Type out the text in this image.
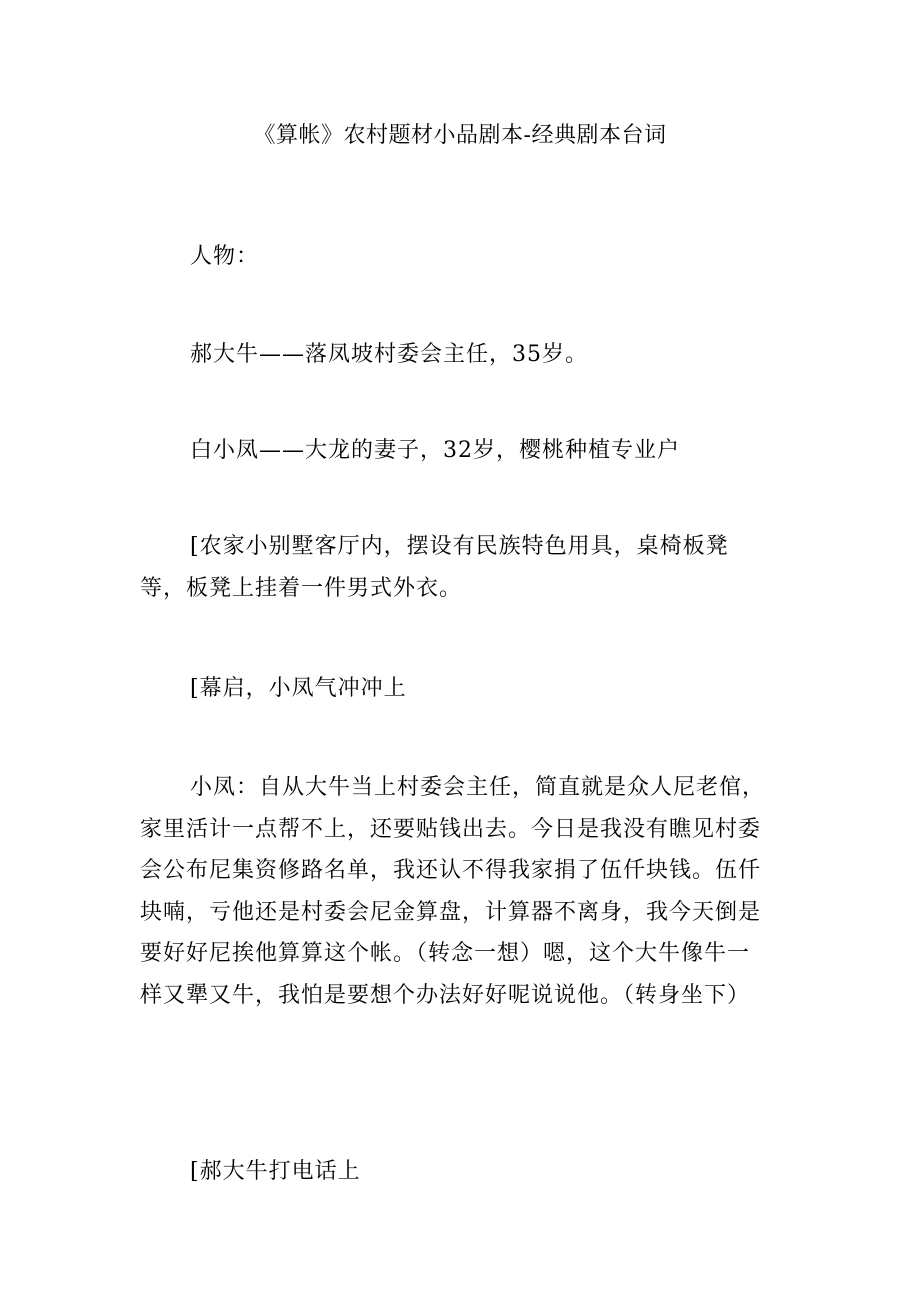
《算帐》农村题材小品剧本-经典剧本台词
人物：
郝大牛——落凤坡村委会主任，35岁。
白小凤——大龙的妻子，32岁，樱桃种植专业户
[农家小别墅客厅内，摆设有民族特色用具，桌椅板凳等，板凳上挂着一件男式外衣。
[幕启，小凤气冲冲上
小凤：自从大牛当上村委会主任，简直就是众人尼老倌，家里活计一点帮不上，还要贴钱出去。今日是我没有瞧见村委会公布尼集资修路名单，我还认不得我家捐了伍仟块钱。伍仟块喃，亏他还是村委会尼金算盘，计算器不离身，我今天倒是要好好尼挨他算算这个帐。（转念一想）嗯，这个大牛像牛一样又犟又牛，我怕是要想个办法好好呢说说他。（转身坐下）
[郝大牛打电话上
